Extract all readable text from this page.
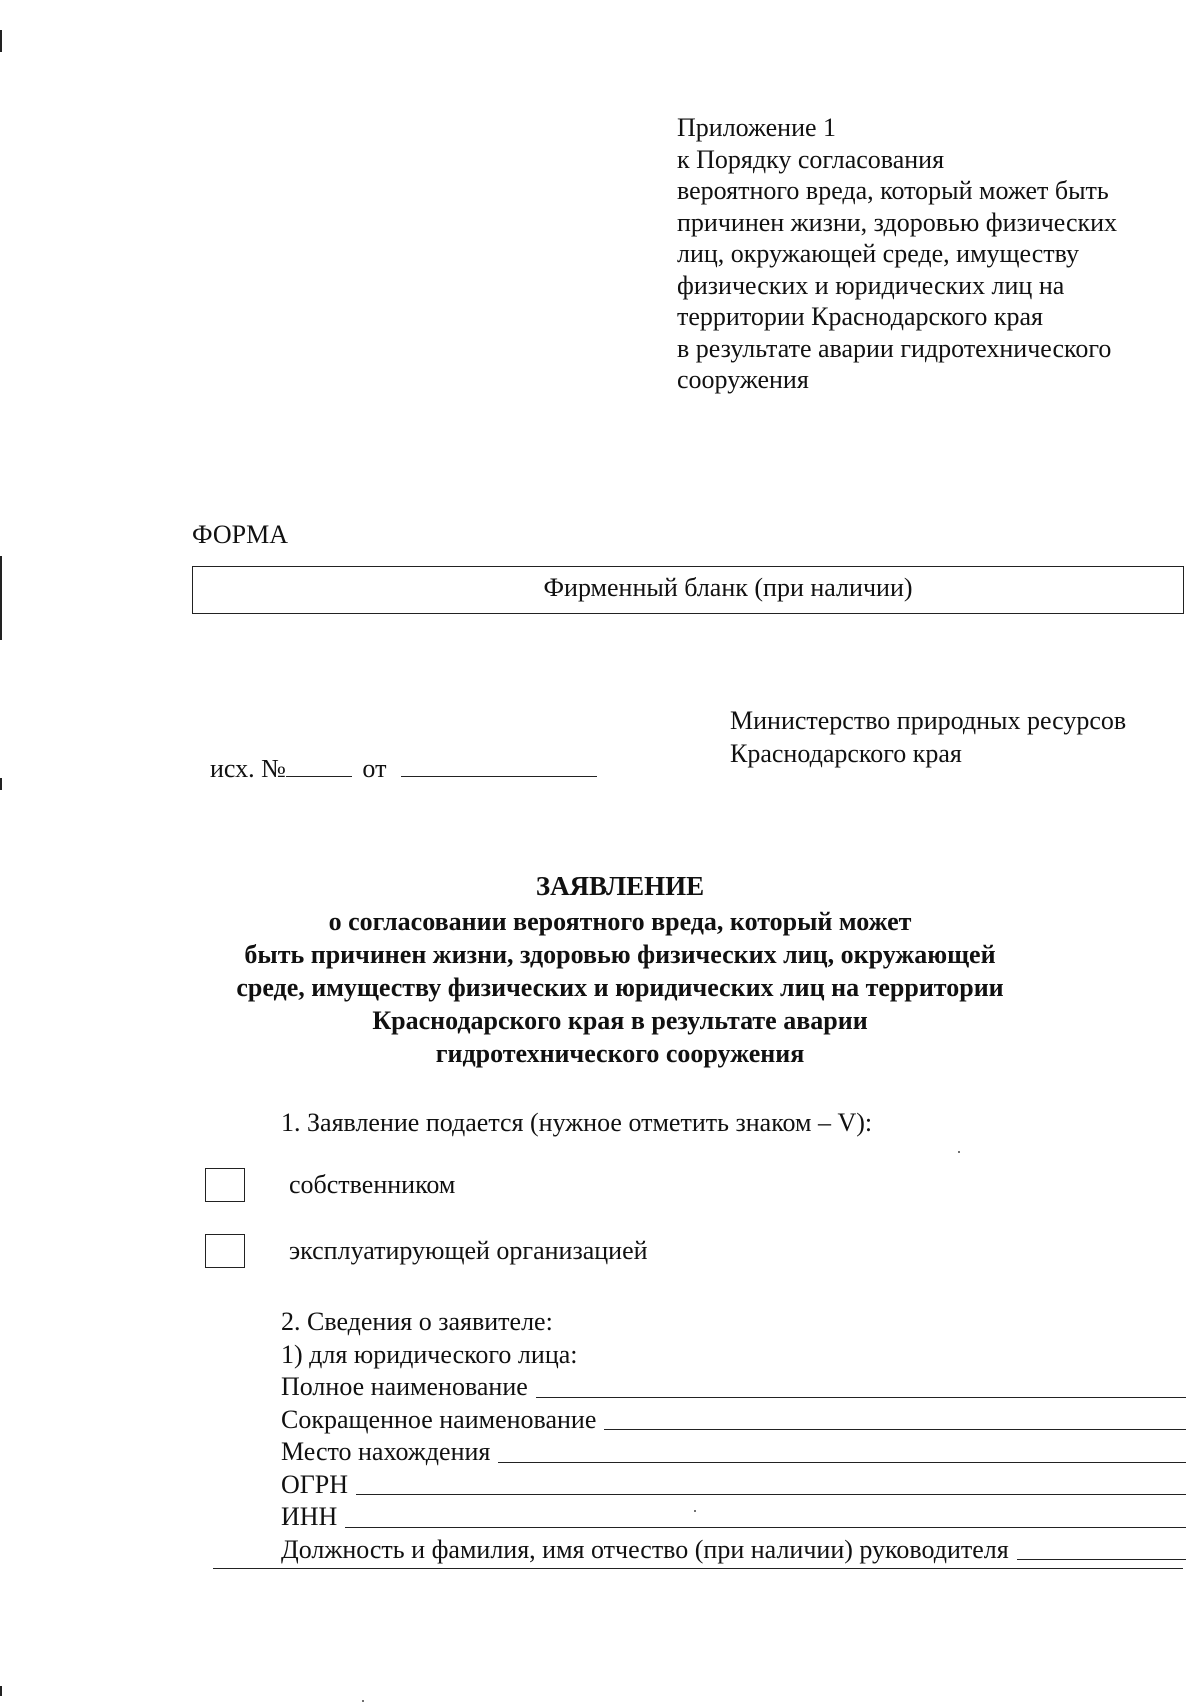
Приложение 1
к Порядку согласования
вероятного вреда, который может быть
причинен жизни, здоровью физических
лиц, окружающей среде, имуществу
физических и юридических лиц на
территории Краснодарского края
в результате аварии гидротехнического
сооружения
ФОРМА
Фирменный бланк (при наличии)
Министерство природных ресурсов
Краснодарского края
исх. №	от
ЗАЯВЛЕНИЕ
о согласовании вероятного вреда, который может
быть причинен жизни, здоровью физических лиц, окружающей
среде, имуществу физических и юридических лиц на территории
Краснодарского края в результате аварии
гидротехнического сооружения
1. Заявление подается (нужное отметить знаком – V):
собственником
эксплуатирующей организацией
2. Сведения о заявителе:
1) для юридического лица:
Полное наименование
Сокращенное наименование
Место нахождения
ОГРН
ИНН
Должность и фамилия, имя отчество (при наличии) руководителя
